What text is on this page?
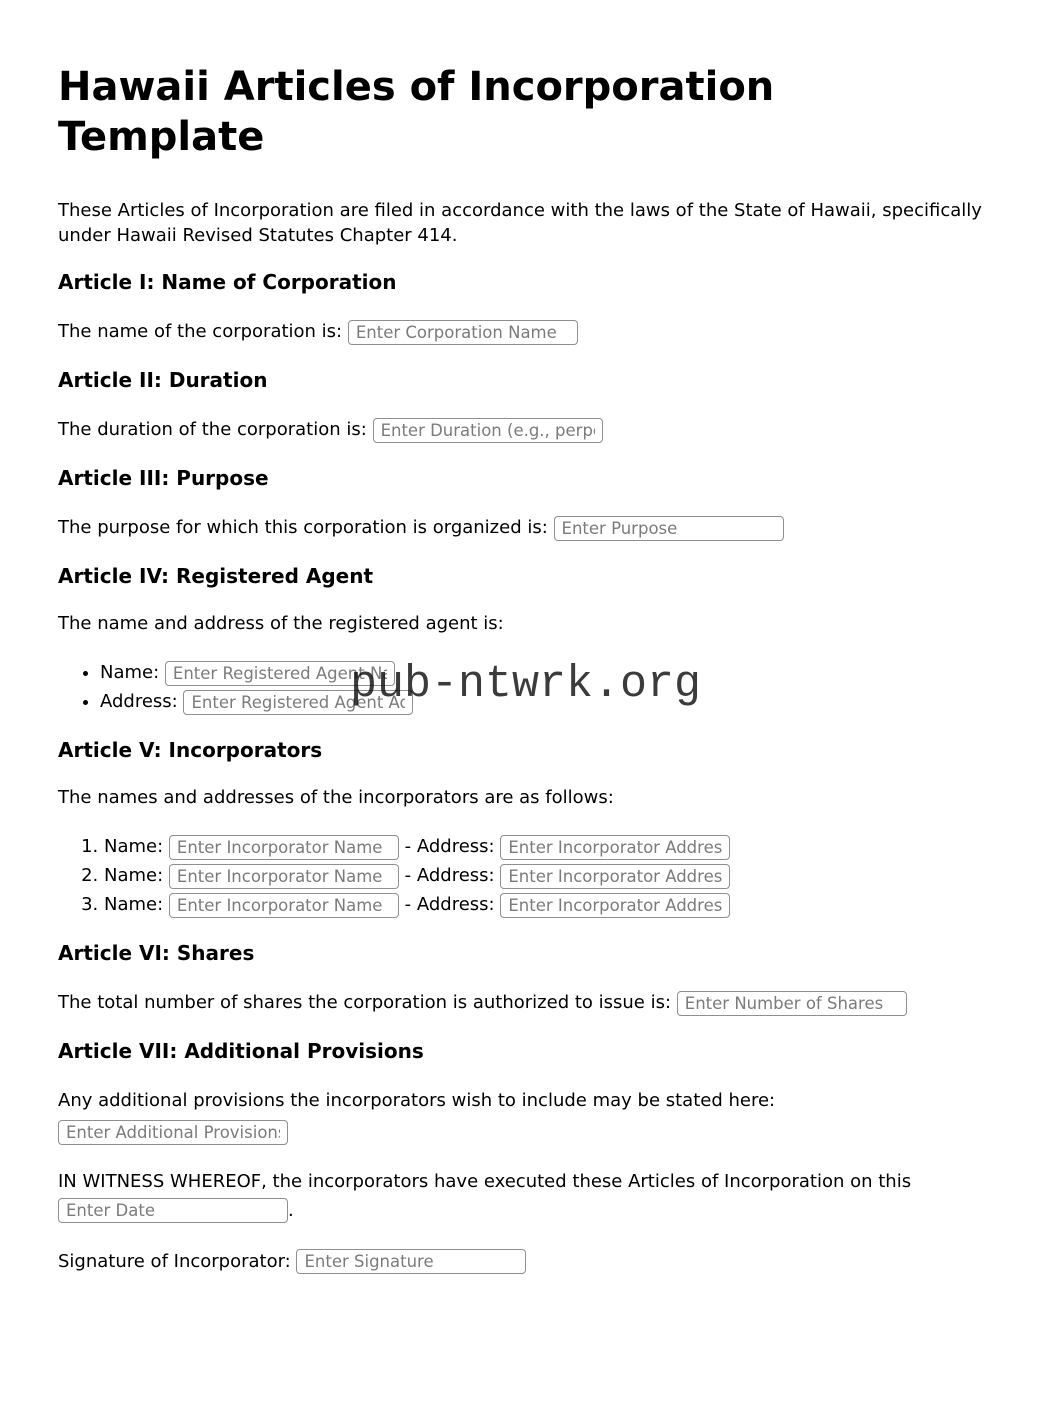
Hawaii Articles of Incorporation Template

These Articles of Incorporation are filed in accordance with the laws of the State of Hawaii, specifically under Hawaii Revised Statutes Chapter 414.

Article I: Name of Corporation

The name of the corporation is: Enter Corporation Name

Article II: Duration

The duration of the corporation is: Enter Duration (e.g., perpetual)

Article III: Purpose

The purpose for which this corporation is organized is: Enter Purpose

Article IV: Registered Agent

The name and address of the registered agent is:

• Name: Enter Registered Agent Name
• Address: Enter Registered Agent Address
Article V: Incorporators

The names and addresses of the incorporators are as follows:

1. Name: Enter Incorporator Name	- Address: Enter Incorporator Address
2. Name: Enter Incorporator Name	- Address: Enter Incorporator Address
3. Name: Enter Incorporator Name	- Address: Enter Incorporator Address
Article VI: Shares

The total number of shares the corporation is authorized to issue is: Enter Number of Shares

Article VII: Additional Provisions

Any additional provisions the incorporators wish to include may be stated here:
Enter Additional Provisions

IN WITNESS WHEREOF, the incorporators have executed these Articles of Incorporation on this Enter Date.

Signature of Incorporator: Enter Signature

pub-ntwrk.org
